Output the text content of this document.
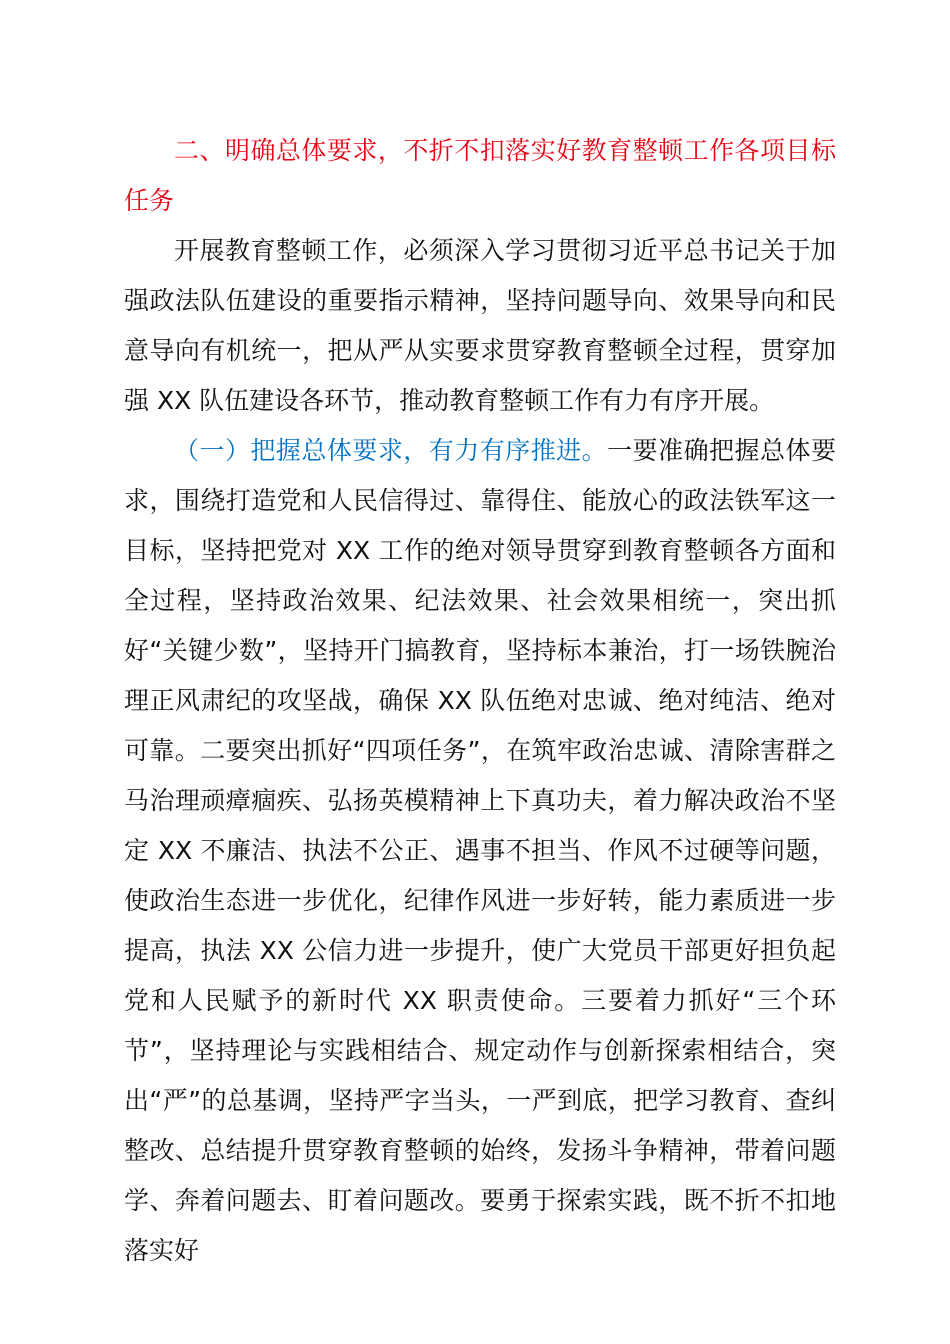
二、明确总体要求，不折不扣落实好教育整顿工作各项目标任务

开展教育整顿工作，必须深入学习贯彻习近平总书记关于加强政法队伍建设的重要指示精神，坚持问题导向、效果导向和民意导向有机统一，把从严从实要求贯穿教育整顿全过程，贯穿加强 XX 队伍建设各环节，推动教育整顿工作有力有序开展。

（一）把握总体要求，有力有序推进。一要准确把握总体要求，围绕打造党和人民信得过、靠得住、能放心的政法铁军这一目标，坚持把党对 XX 工作的绝对领导贯穿到教育整顿各方面和全过程，坚持政治效果、纪法效果、社会效果相统一，突出抓好“关键少数”，坚持开门搞教育，坚持标本兼治，打一场铁腕治理正风肃纪的攻坚战，确保 XX 队伍绝对忠诚、绝对纯洁、绝对可靠。二要突出抓好“四项任务”，在筑牢政治忠诚、清除害群之马治理顽瘴痼疾、弘扬英模精神上下真功夫，着力解决政治不坚定 XX 不廉洁、执法不公正、遇事不担当、作风不过硬等问题，使政治生态进一步优化，纪律作风进一步好转，能力素质进一步提高，执法 XX 公信力进一步提升，使广大党员干部更好担负起党和人民赋予的新时代 XX 职责使命。三要着力抓好“三个环节”，坚持理论与实践相结合、规定动作与创新探索相结合，突出“严”的总基调，坚持严字当头，一严到底，把学习教育、查纠整改、总结提升贯穿教育整顿的始终，发扬斗争精神，带着问题学、奔着问题去、盯着问题改。要勇于探索实践，既不折不扣地落实好
